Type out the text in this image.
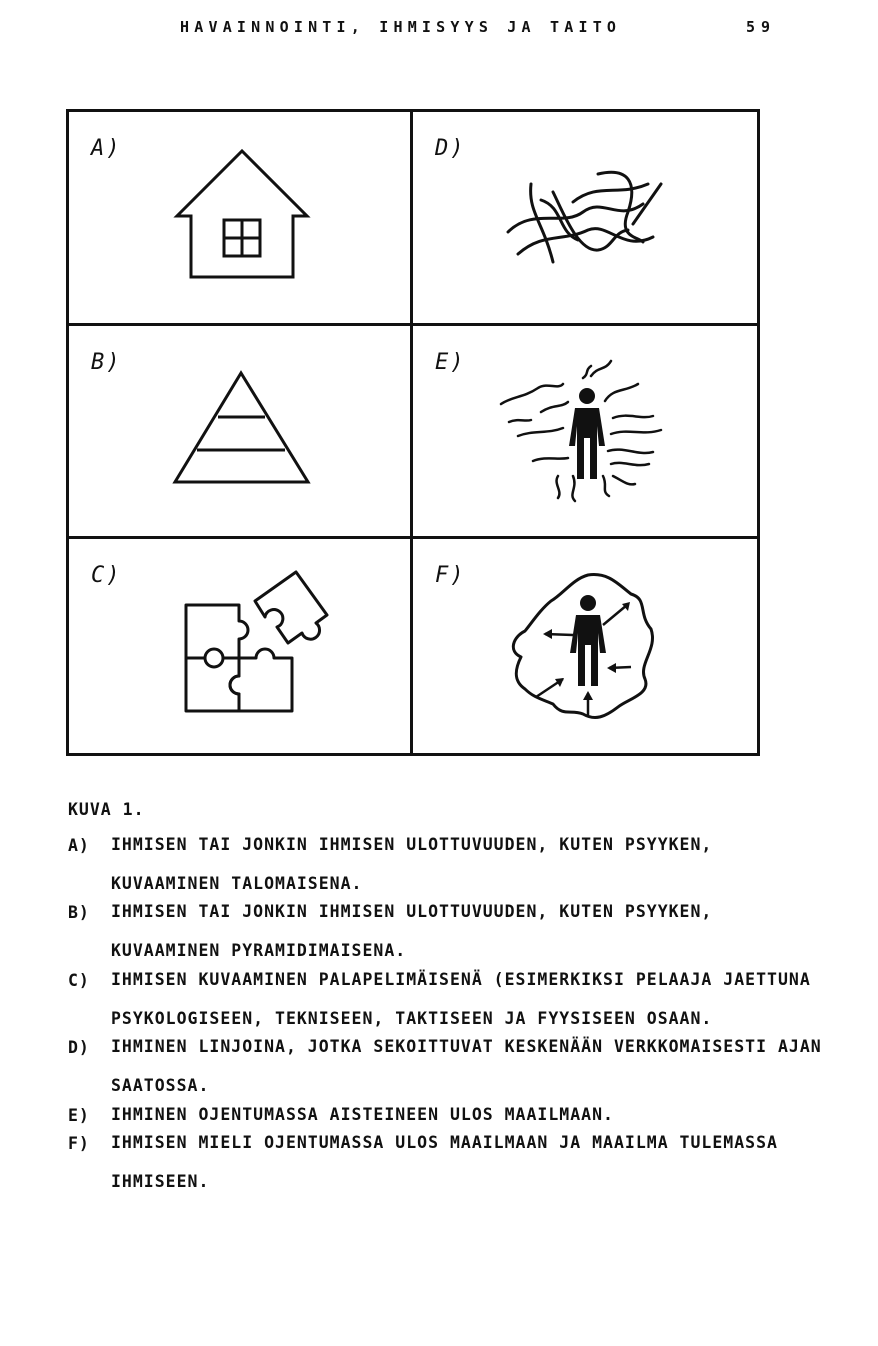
HAVAINNOINTI, IHMISYYS JA TAITO	59
A)	D)
B)	E)
C)	F)
KUVA 1.
A)	IHMISEN TAI JONKIN IHMISEN ULOTTUVUUDEN, KUTEN PSYYKEN, KUVAAMINEN TALOMAISENA.
B)	IHMISEN TAI JONKIN IHMISEN ULOTTUVUUDEN, KUTEN PSYYKEN, KUVAAMINEN PYRAMIDIMAISENA.
C)	IHMISEN KUVAAMINEN PALAPELIMÄISENÄ (ESIMERKIKSI PELAAJA JAETTUNA PSYKOLOGISEEN, TEKNISEEN, TAKTISEEN JA FYYSISEEN OSAAN.
D)	IHMINEN LINJOINA, JOTKA SEKOITTUVAT KESKENÄÄN VERKKOMAISESTI AJAN SAATOSSA.
E)	IHMINEN OJENTUMASSA AISTEINEEN ULOS MAAILMAAN.
F)	IHMISEN MIELI OJENTUMASSA ULOS MAAILMAAN JA MAAILMA TULEMASSA IHMISEEN.
